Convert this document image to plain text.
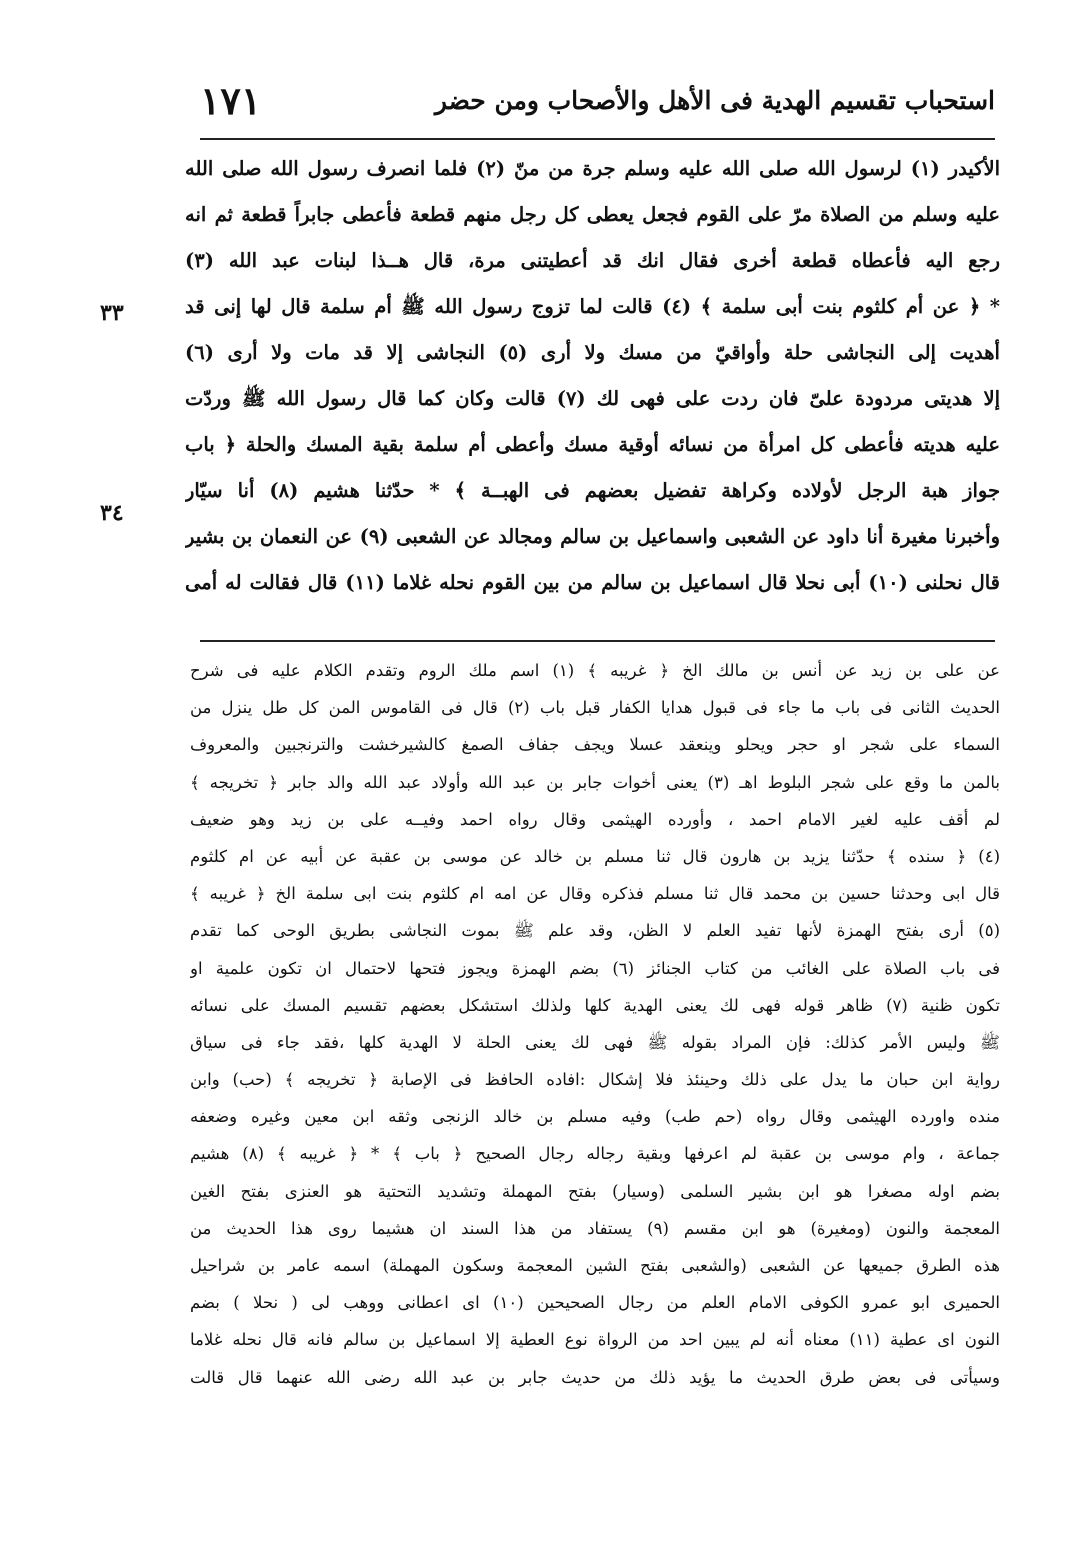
استحباب تقسيم الهدية فى الأهل والأصحاب ومن حضر
١٧١
٣٣
٣٤
الأكيدر (١) لرسول الله صلى الله عليه وسلم جرة من منّ (٢) فلما انصرف رسول الله صلى الله
عليه وسلم من الصلاة مرّ على القوم فجعل يعطى كل رجل منهم قطعة فأعطى جابراً قطعة ثم انه
رجع اليه فأعطاه قطعة أخرى فقال انك قد أعطيتنى مرة، قال هــذا لبنات عبد الله (٣)
* ﴿ عن أم كلثوم بنت أبى سلمة ﴾ (٤) قالت لما تزوج رسول الله ﷺ أم سلمة قال لها إنى قد
أهديت إلى النجاشى حلة وأواقيّ من مسك ولا أرى (٥) النجاشى إلا قد مات ولا أرى (٦)
إلا هديتى مردودة علىّ فان ردت على فهى لك (٧) قالت وكان كما قال رسول الله ﷺ وردّت
عليه هديته فأعطى كل امرأة من نسائه أوقية مسك وأعطى أم سلمة بقية المسك والحلة ﴿ باب
جواز هبة الرجل لأولاده وكراهة تفضيل بعضهم فى الهبــة ﴾ * حدّثنا هشيم (٨) أنا سيّار
وأخبرنا مغيرة أنا داود عن الشعبى واسماعيل بن سالم ومجالد عن الشعبى (٩) عن النعمان بن بشير
قال نحلنى (١٠) أبى نحلا قال اسماعيل بن سالم من بين القوم نحله غلاما (١١) قال فقالت له أمى
عن على بن زيد عن أنس بن مالك الخ ﴿ غريبه ﴾ (١) اسم ملك الروم وتقدم الكلام عليه فى شرح
الحديث الثانى فى باب ما جاء فى قبول هدايا الكفار قبل باب (٢) قال فى القاموس المن كل طل ينزل من
السماء على شجر او حجر ويحلو وينعقد عسلا ويجف جفاف الصمغ كالشيرخشت والترنجبين والمعروف
بالمن ما وقع على شجر البلوط اهـ (٣) يعنى أخوات جابر بن عبد الله وأولاد عبد الله والد جابر ﴿ تخريجه ﴾
لم أقف عليه لغير الامام احمد ، وأورده الهيثمى وقال رواه احمد وفيــه على بن زيد وهو ضعيف
(٤) ﴿ سنده ﴾ حدّثنا يزيد بن هارون قال ثنا مسلم بن خالد عن موسى بن عقبة عن أبيه عن ام كلثوم
قال ابى وحدثنا حسين بن محمد قال ثنا مسلم فذكره وقال عن امه ام كلثوم بنت ابى سلمة الخ ﴿ غريبه ﴾
(٥) أرى بفتح الهمزة لأنها تفيد العلم لا الظن، وقد علم ﷺ بموت النجاشى بطريق الوحى كما تقدم
فى باب الصلاة على الغائب من كتاب الجنائز (٦) بضم الهمزة ويجوز فتحها لاحتمال ان تكون علمية او
تكون ظنية (٧) ظاهر قوله فهى لك يعنى الهدية كلها ولذلك استشكل بعضهم تقسيم المسك على نسائه
ﷺ وليس الأمر كذلك: فإن المراد بقوله ﷺ فهى لك يعنى الحلة لا الهدية كلها ،فقد جاء فى سياق
رواية ابن حبان ما يدل على ذلك وحينئذ فلا إشكال :افاده الحافظ فى الإصابة ﴿ تخريجه ﴾ (حب) وابن
منده واورده الهيثمى وقال رواه (حم طب) وفيه مسلم بن خالد الزنجى وثقه ابن معين وغيره وضعفه
جماعة ، وام موسى بن عقبة لم اعرفها وبقية رجاله رجال الصحيح ﴿ باب ﴾ * ﴿ غريبه ﴾ (٨) هشيم
بضم اوله مصغرا هو ابن بشير السلمى (وسيار) بفتح المهملة وتشديد التحتية هو العنزى بفتح الغين
المعجمة والنون (ومغيرة) هو ابن مقسم (٩) يستفاد من هذا السند ان هشيما روى هذا الحديث من
هذه الطرق جميعها عن الشعبى (والشعبى بفتح الشين المعجمة وسكون المهملة) اسمه عامر بن شراحيل
الحميرى ابو عمرو الكوفى الامام العلم من رجال الصحيحين (١٠) اى اعطانى ووهب لى ( نحلا ) بضم
النون اى عطية (١١) معناه أنه لم يبين احد من الرواة نوع العطية إلا اسماعيل بن سالم فانه قال نحله غلاما
وسيأتى فى بعض طرق الحديث ما يؤيد ذلك من حديث جابر بن عبد الله رضى الله عنهما قال قالت
